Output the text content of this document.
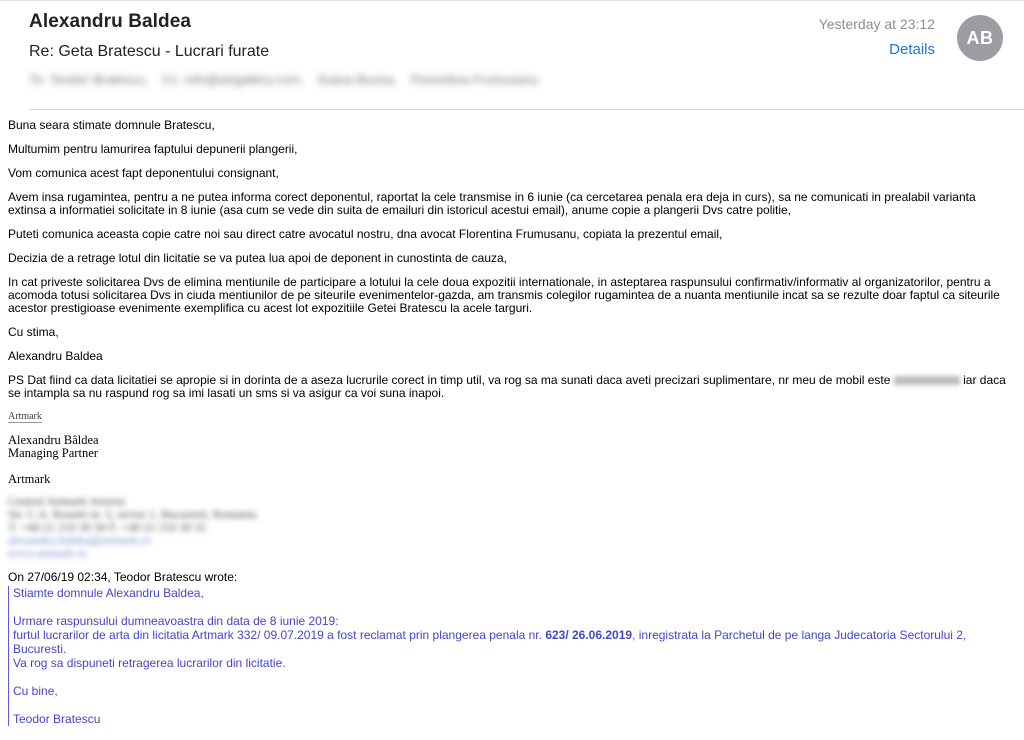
Alexandru Baldea
Re: Geta Bratescu - Lucrari furate
To: Teodor Bratescu, Cc: info@artgallery.com, Iluana Bucea, Florentina Frumusanu
Yesterday at 23:12
Details
AB

Buna seara stimate domnule Bratescu,

Multumim pentru lamurirea faptului depunerii plangerii,

Vom comunica acest fapt deponentului consignant,

Avem insa rugamintea, pentru a ne putea informa corect deponentul, raportat la cele transmise in 6 iunie (ca cercetarea penala era deja in curs), sa ne comunicati in prealabil varianta extinsa a informatiei solicitate in 8 iunie (asa cum se vede din suita de emailuri din istoricul acestui email), anume copie a plangerii Dvs catre politie,

Puteti comunica aceasta copie catre noi sau direct catre avocatul nostru, dna avocat Florentina Frumusanu, copiata la prezentul email,

Decizia de a retrage lotul din licitatie se va putea lua apoi de deponent in cunostinta de cauza,

In cat priveste solicitarea Dvs de elimina mentiunile de participare a lotului la cele doua expozitii internationale, in asteptarea raspunsului confirmativ/informativ al organizatorilor, pentru a acomoda totusi solicitarea Dvs in ciuda mentiunilor de pe siteurile evenimentelor-gazda, am transmis colegilor rugamintea de a nuanta mentiunile incat sa se rezulte doar faptul ca siteurile acestor prestigioase evenimente exemplifica cu acest lot expozitiile Getei Bratescu la acele targuri.

Cu stima,

Alexandru Baldea

PS Dat fiind ca data licitatiei se apropie si in dorinta de a aseza lucrurile corect in timp util, va rog sa ma sunati daca aveti precizari suplimentare, nr meu de mobil este	iar daca se intampla sa nu raspund rog sa imi lasati un sms si va asigur ca voi suna inapoi.

Artmark
Alexandru Bâldea
Managing Partner
Artmark
Centrul Artmark Astoria
Str. C.A. Rosetti nr. 5, sector 1, Bucuresti, Romania
T: +40 21 210 30 30 F: +40 21 210 30 31
alexandru.baldea@artmark.ro
www.artmark.ro
On 27/06/19 02:34, Teodor Bratescu wrote:

Stiamte domnule Alexandru Baldea,

Urmare raspunsului dumneavoastra din data de 8 iunie 2019:
furtul lucrarilor de arta din licitatia Artmark 332/ 09.07.2019 a fost reclamat prin plangerea penala nr. 623/ 26.06.2019, inregistrata la Parchetul de pe langa Judecatoria Sectorului 2, Bucuresti.
Va rog sa dispuneti retragerea lucrarilor din licitatie.

Cu bine,

Teodor Bratescu
